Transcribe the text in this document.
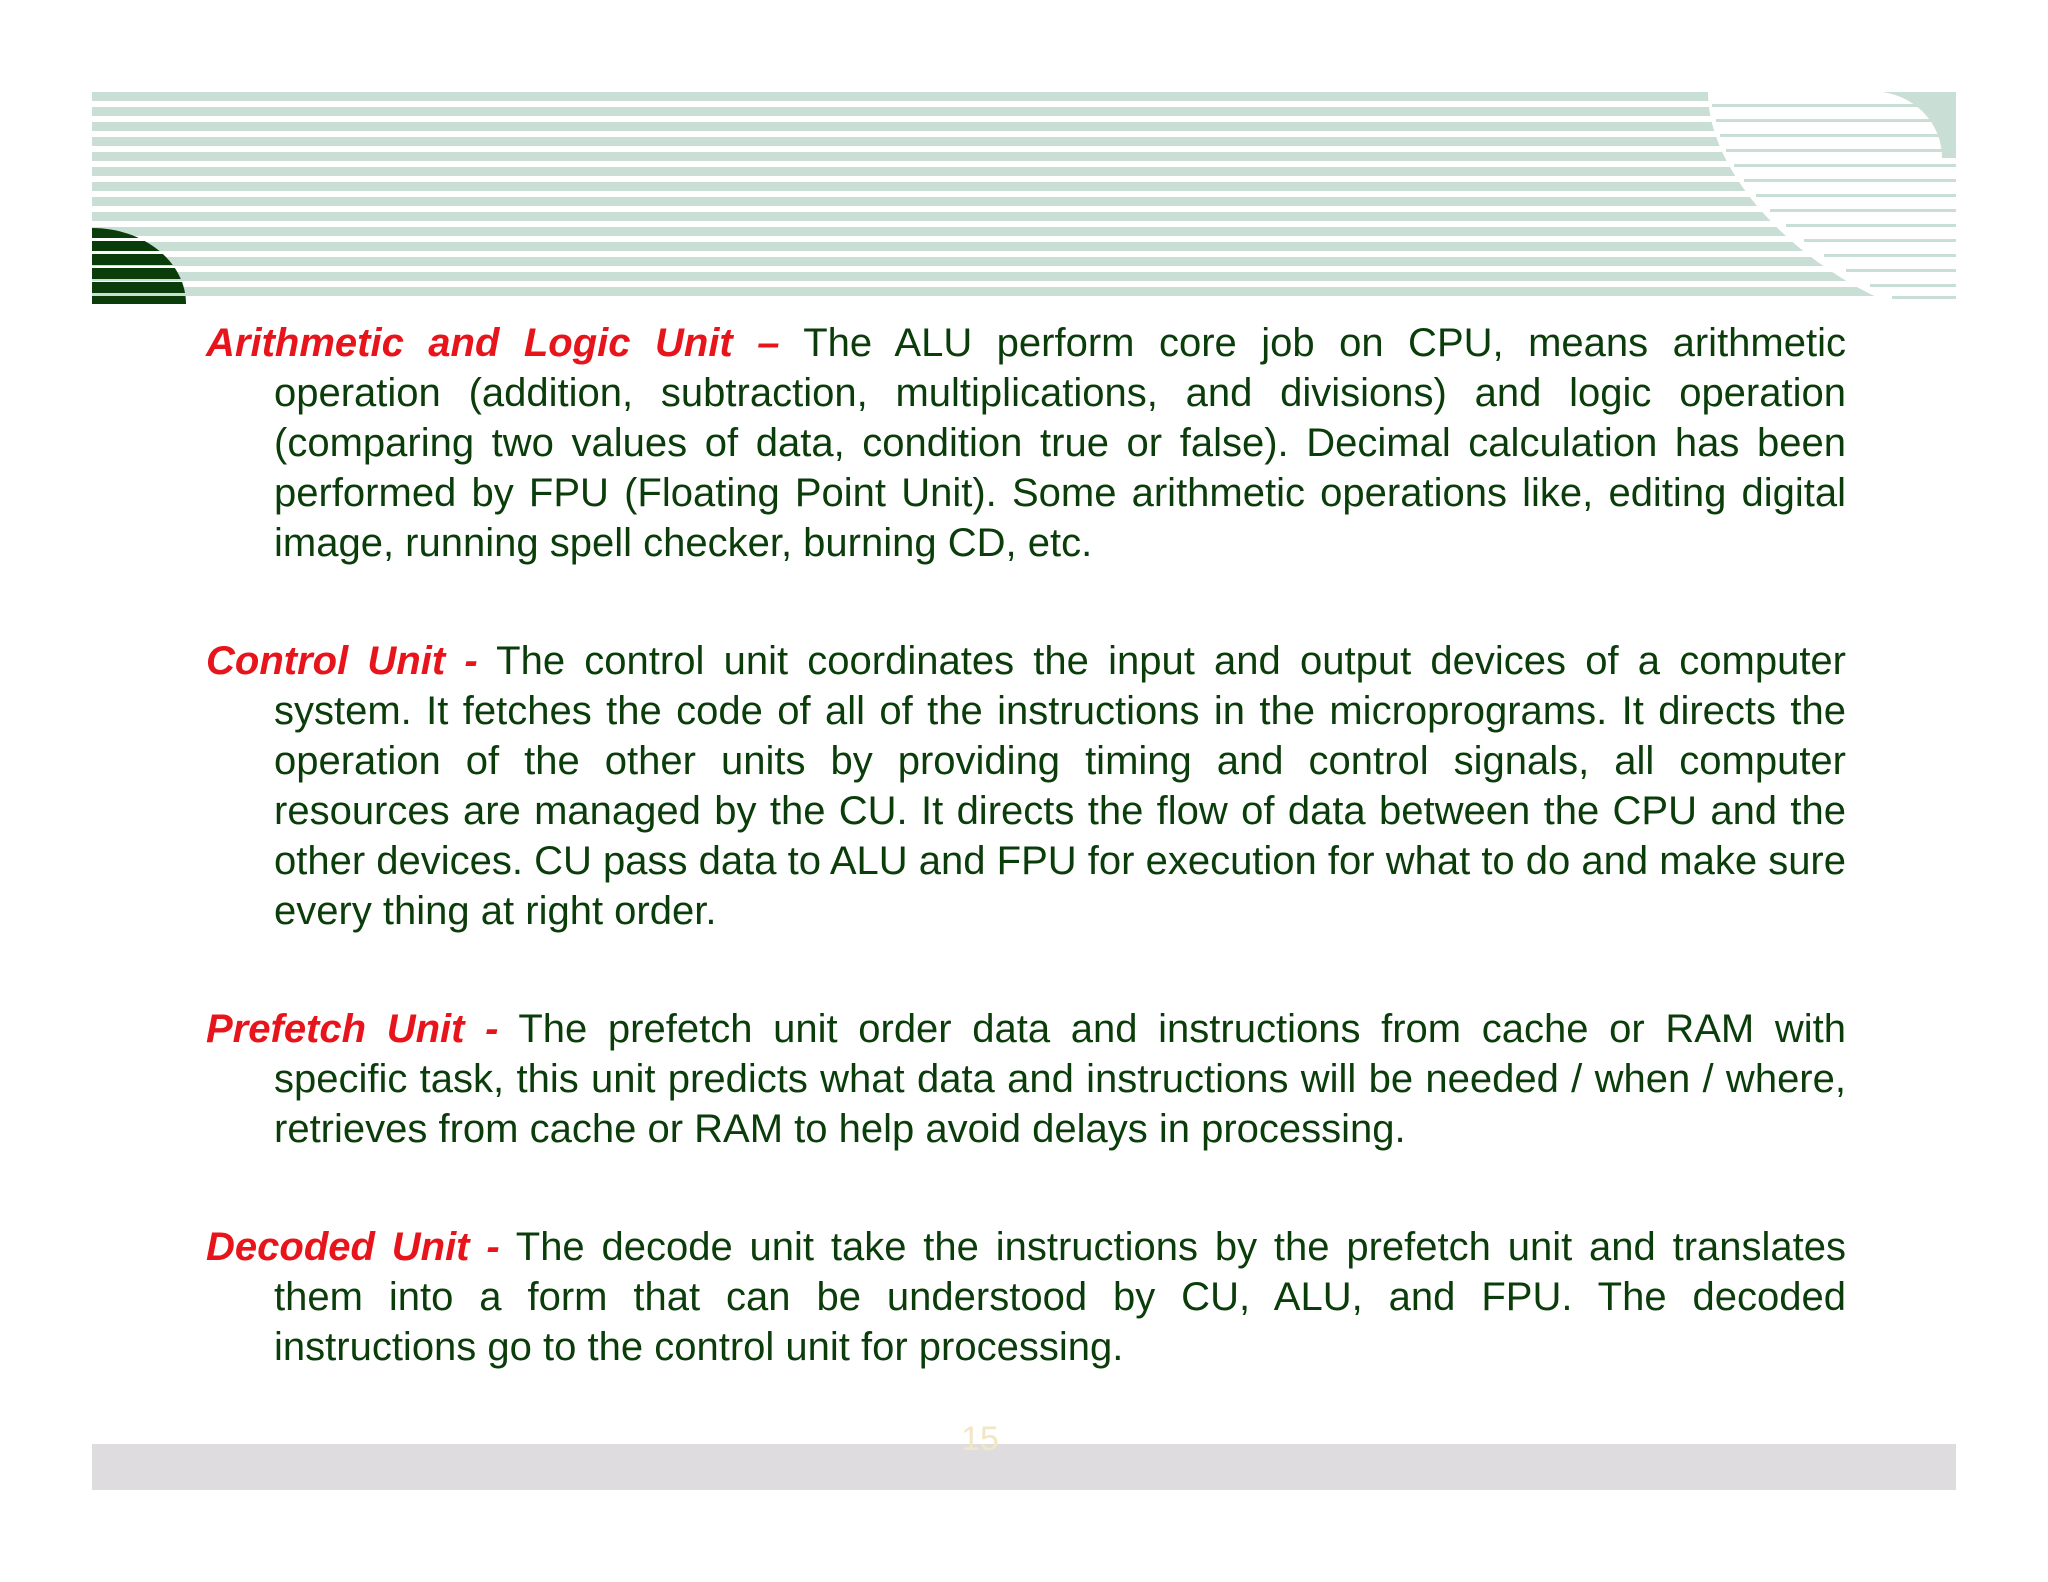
Arithmetic and Logic Unit – The ALU perform core job on CPU, means arithmetic operation (addition, subtraction, multiplications, and divisions) and logic operation (comparing two values of data, condition true or false). Decimal calculation has been performed by FPU (Floating Point Unit). Some arithmetic operations like, editing digital image, running spell checker, burning CD, etc.

Control Unit - The control unit coordinates the input and output devices of a computer system. It fetches the code of all of the instructions in the microprograms. It directs the operation of the other units by providing timing and control signals, all computer resources are managed by the CU. It directs the flow of data between the CPU and the other devices. CU pass data to ALU and FPU for execution for what to do and make sure every thing at right order.

Prefetch Unit - The prefetch unit order data and instructions from cache or RAM with specific task, this unit predicts what data and instructions will be needed / when / where, retrieves from cache or RAM to help avoid delays in processing.

Decoded Unit - The decode unit take the instructions by the prefetch unit and translates them into a form that can be understood by CU, ALU, and FPU. The decoded instructions go to the control unit for processing.

15
